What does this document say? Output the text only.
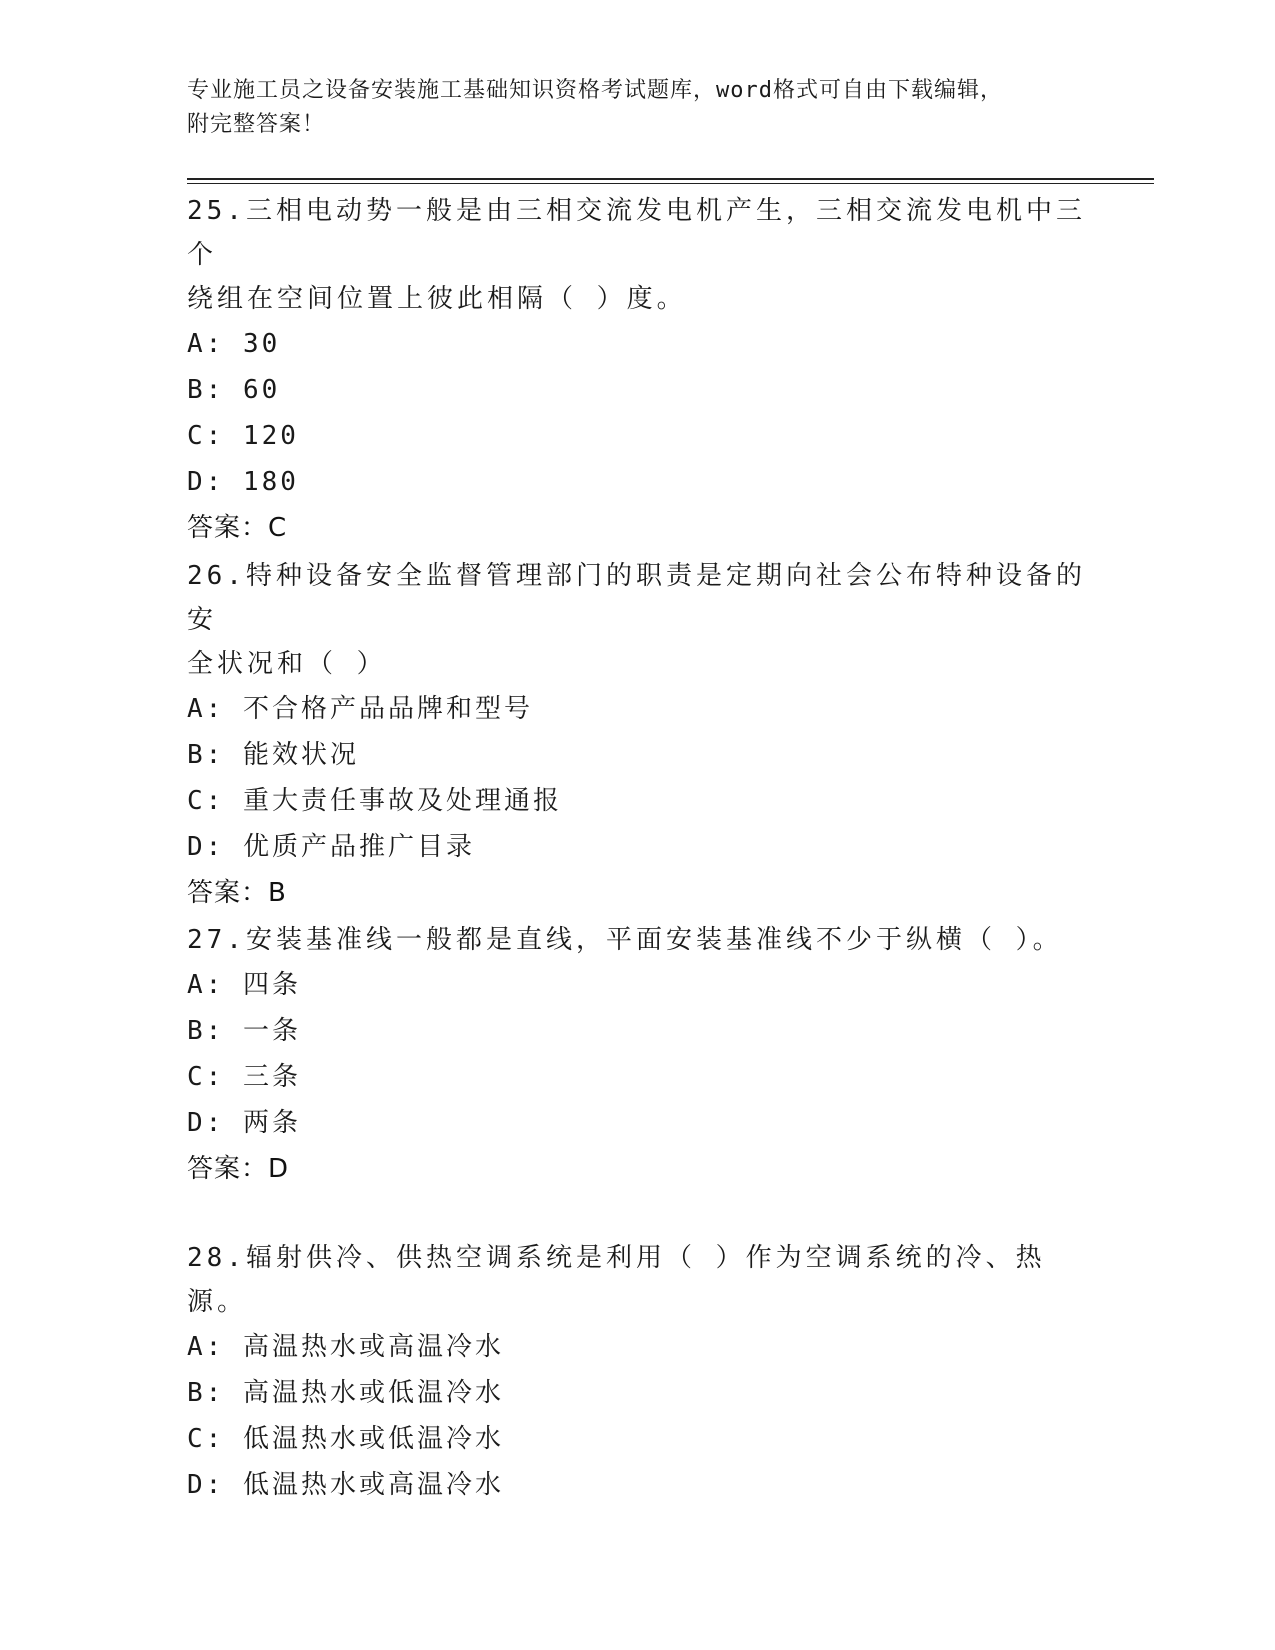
专业施工员之设备安装施工基础知识资格考试题库，word格式可自由下载编辑，
附完整答案！

25.三相电动势一般是由三相交流发电机产生，三相交流发电机中三个

绕组在空间位置上彼此相隔（ ）度。

A: 30

B: 60

C: 120

D: 180

答案：C

26.特种设备安全监督管理部门的职责是定期向社会公布特种设备的安

全状况和（ ）

A: 不合格产品品牌和型号

B: 能效状况

C: 重大责任事故及处理通报

D: 优质产品推广目录

答案：B

27.安装基准线一般都是直线，平面安装基准线不少于纵横（ ）。

A: 四条

B: 一条

C: 三条

D: 两条

答案：D

28.辐射供冷、供热空调系统是利用（ ）作为空调系统的冷、热源。

A: 高温热水或高温冷水

B: 高温热水或低温冷水

C: 低温热水或低温冷水

D: 低温热水或高温冷水
